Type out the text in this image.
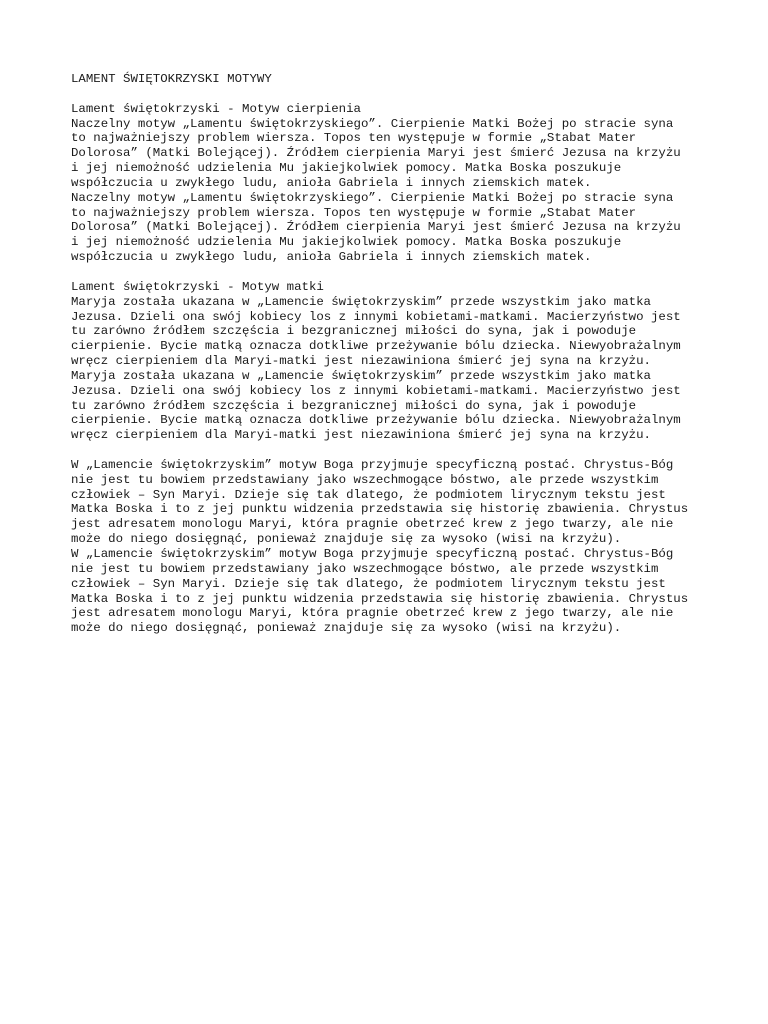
LAMENT ŚWIĘTOKRZYSKI MOTYWY
Lament świętokrzyski - Motyw cierpienia
Naczelny motyw „Lamentu świętokrzyskiego”. Cierpienie Matki Bożej po stracie syna
to najważniejszy problem wiersza. Topos ten występuje w formie „Stabat Mater
Dolorosa” (Matki Bolejącej). Źródłem cierpienia Maryi jest śmierć Jezusa na krzyżu
i jej niemożność udzielenia Mu jakiejkolwiek pomocy. Matka Boska poszukuje
współczucia u zwykłego ludu, anioła Gabriela i innych ziemskich matek.
Naczelny motyw „Lamentu świętokrzyskiego”. Cierpienie Matki Bożej po stracie syna
to najważniejszy problem wiersza. Topos ten występuje w formie „Stabat Mater
Dolorosa” (Matki Bolejącej). Źródłem cierpienia Maryi jest śmierć Jezusa na krzyżu
i jej niemożność udzielenia Mu jakiejkolwiek pomocy. Matka Boska poszukuje
współczucia u zwykłego ludu, anioła Gabriela i innych ziemskich matek.
Lament świętokrzyski - Motyw matki
Maryja została ukazana w „Lamencie świętokrzyskim” przede wszystkim jako matka
Jezusa. Dzieli ona swój kobiecy los z innymi kobietami-matkami. Macierzyństwo jest
tu zarówno źródłem szczęścia i bezgranicznej miłości do syna, jak i powoduje
cierpienie. Bycie matką oznacza dotkliwe przeżywanie bólu dziecka. Niewyobrażalnym
wręcz cierpieniem dla Maryi-matki jest niezawiniona śmierć jej syna na krzyżu.
Maryja została ukazana w „Lamencie świętokrzyskim” przede wszystkim jako matka
Jezusa. Dzieli ona swój kobiecy los z innymi kobietami-matkami. Macierzyństwo jest
tu zarówno źródłem szczęścia i bezgranicznej miłości do syna, jak i powoduje
cierpienie. Bycie matką oznacza dotkliwe przeżywanie bólu dziecka. Niewyobrażalnym
wręcz cierpieniem dla Maryi-matki jest niezawiniona śmierć jej syna na krzyżu.
W „Lamencie świętokrzyskim” motyw Boga przyjmuje specyficzną postać. Chrystus-Bóg
nie jest tu bowiem przedstawiany jako wszechmogące bóstwo, ale przede wszystkim
człowiek – Syn Maryi. Dzieje się tak dlatego, że podmiotem lirycznym tekstu jest
Matka Boska i to z jej punktu widzenia przedstawia się historię zbawienia. Chrystus
jest adresatem monologu Maryi, która pragnie obetrzeć krew z jego twarzy, ale nie
może do niego dosięgnąć, ponieważ znajduje się za wysoko (wisi na krzyżu).
W „Lamencie świętokrzyskim” motyw Boga przyjmuje specyficzną postać. Chrystus-Bóg
nie jest tu bowiem przedstawiany jako wszechmogące bóstwo, ale przede wszystkim
człowiek – Syn Maryi. Dzieje się tak dlatego, że podmiotem lirycznym tekstu jest
Matka Boska i to z jej punktu widzenia przedstawia się historię zbawienia. Chrystus
jest adresatem monologu Maryi, która pragnie obetrzeć krew z jego twarzy, ale nie
może do niego dosięgnąć, ponieważ znajduje się za wysoko (wisi na krzyżu).
